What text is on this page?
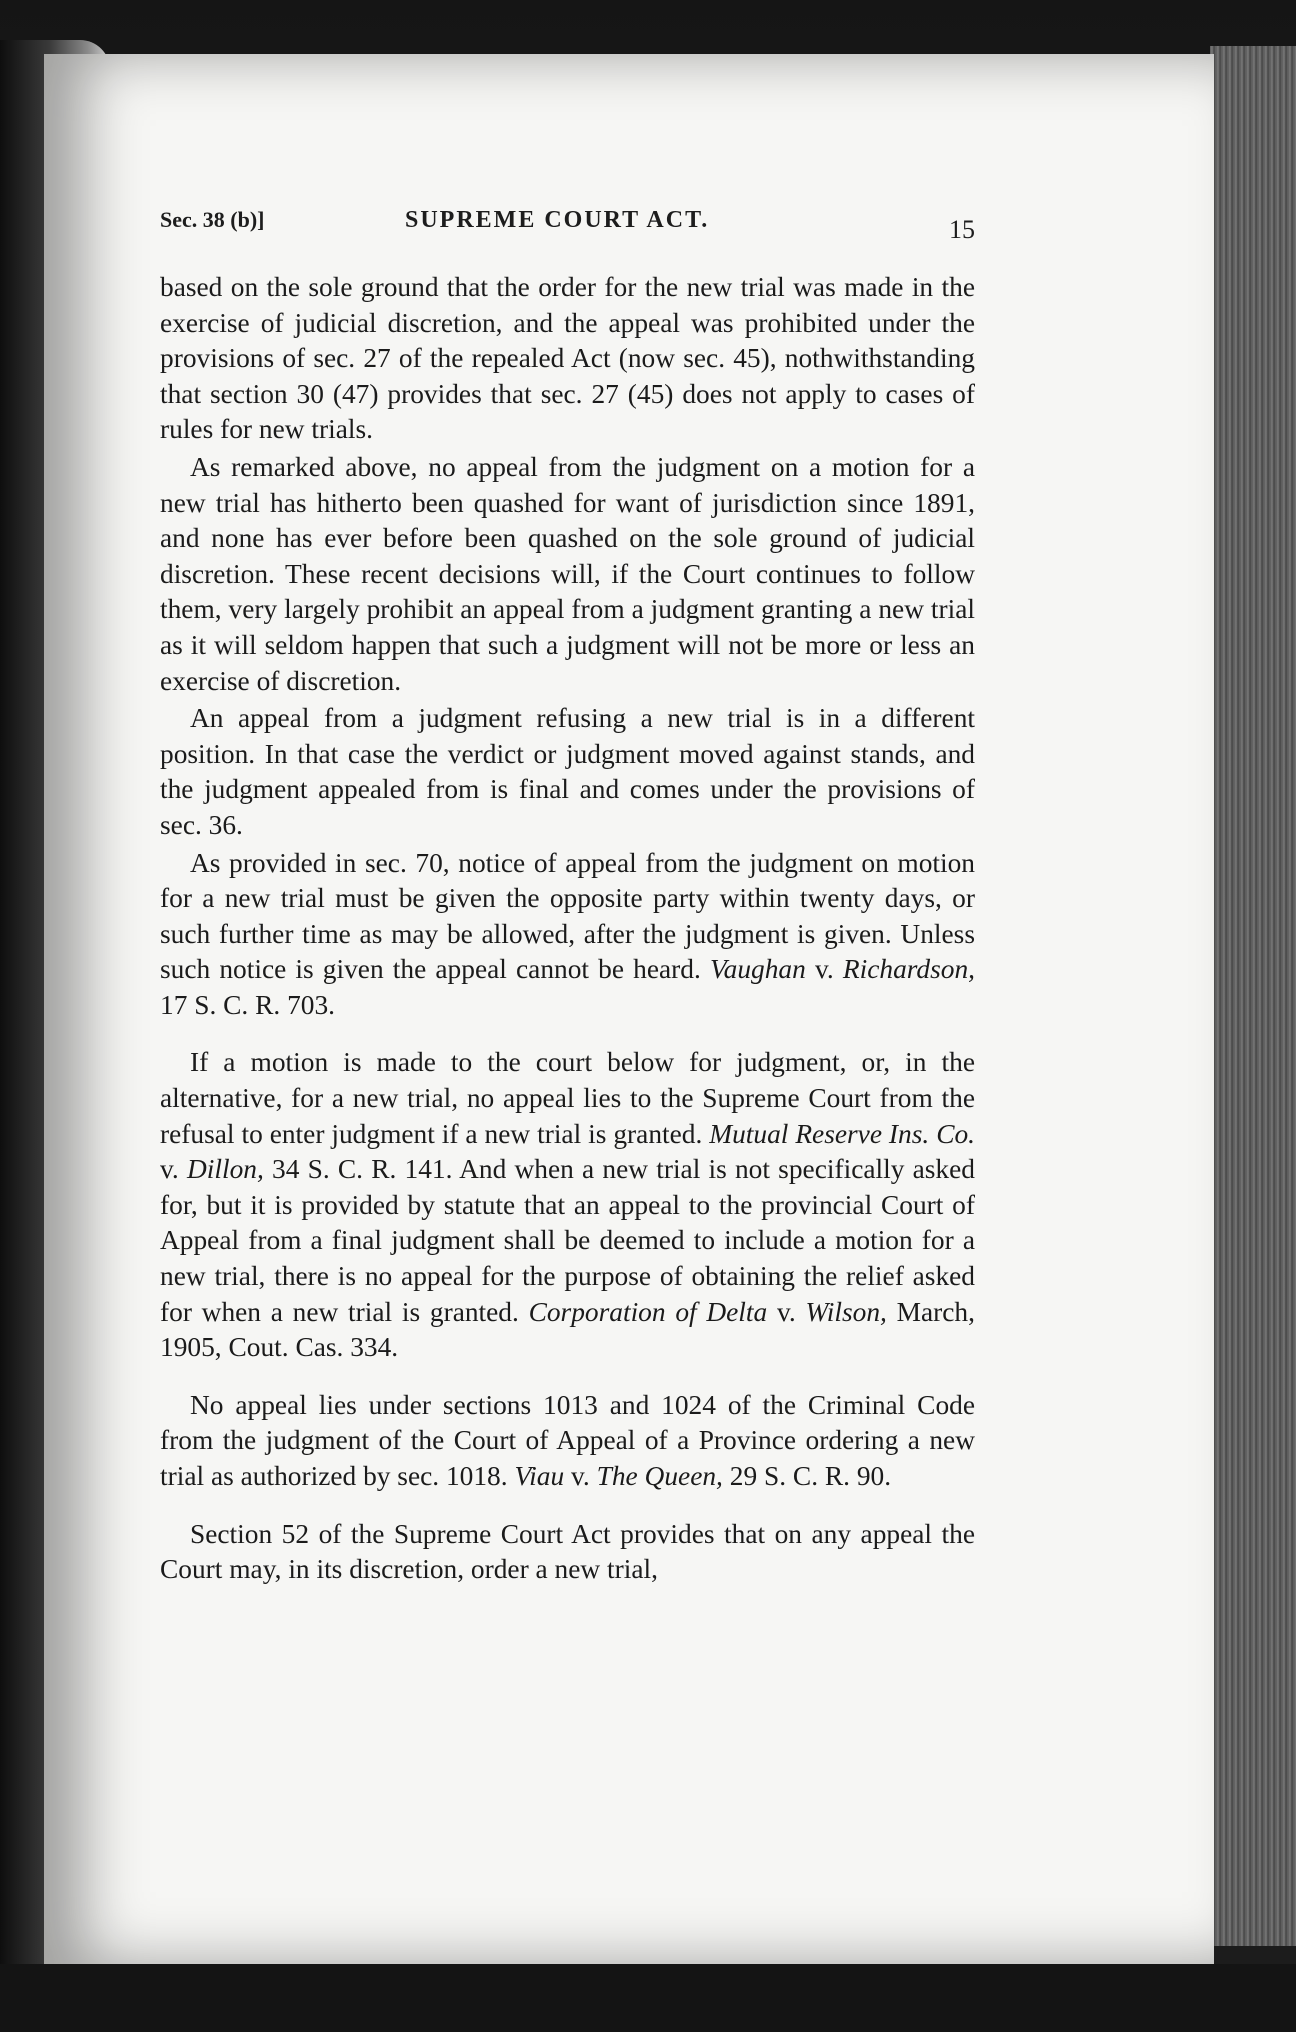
Sec. 38 (b)]	SUPREME COURT ACT.	15

based on the sole ground that the order for the new trial was made in the exercise of judicial discretion, and the appeal was prohibited under the provisions of sec. 27 of the repealed Act (now sec. 45), nothwithstanding that section 30 (47) provides that sec. 27 (45) does not apply to cases of rules for new trials.

As remarked above, no appeal from the judgment on a motion for a new trial has hitherto been quashed for want of jurisdiction since 1891, and none has ever before been quashed on the sole ground of judicial discretion. These recent decisions will, if the Court continues to follow them, very largely prohibit an appeal from a judgment granting a new trial as it will seldom happen that such a judgment will not be more or less an exercise of discretion.

An appeal from a judgment refusing a new trial is in a different position. In that case the verdict or judgment moved against stands, and the judgment appealed from is final and comes under the provisions of sec. 36.

As provided in sec. 70, notice of appeal from the judgment on motion for a new trial must be given the opposite party within twenty days, or such further time as may be allowed, after the judgment is given. Unless such notice is given the appeal cannot be heard. Vaughan v. Richardson, 17 S. C. R. 703.

If a motion is made to the court below for judgment, or, in the alternative, for a new trial, no appeal lies to the Supreme Court from the refusal to enter judgment if a new trial is granted. Mutual Reserve Ins. Co. v. Dillon, 34 S. C. R. 141. And when a new trial is not specifically asked for, but it is provided by statute that an appeal to the provincial Court of Appeal from a final judgment shall be deemed to include a motion for a new trial, there is no appeal for the purpose of obtaining the relief asked for when a new trial is granted. Corporation of Delta v. Wilson, March, 1905, Cout. Cas. 334.

No appeal lies under sections 1013 and 1024 of the Criminal Code from the judgment of the Court of Appeal of a Province ordering a new trial as authorized by sec. 1018. Viau v. The Queen, 29 S. C. R. 90.

Section 52 of the Supreme Court Act provides that on any appeal the Court may, in its discretion, order a new trial,
